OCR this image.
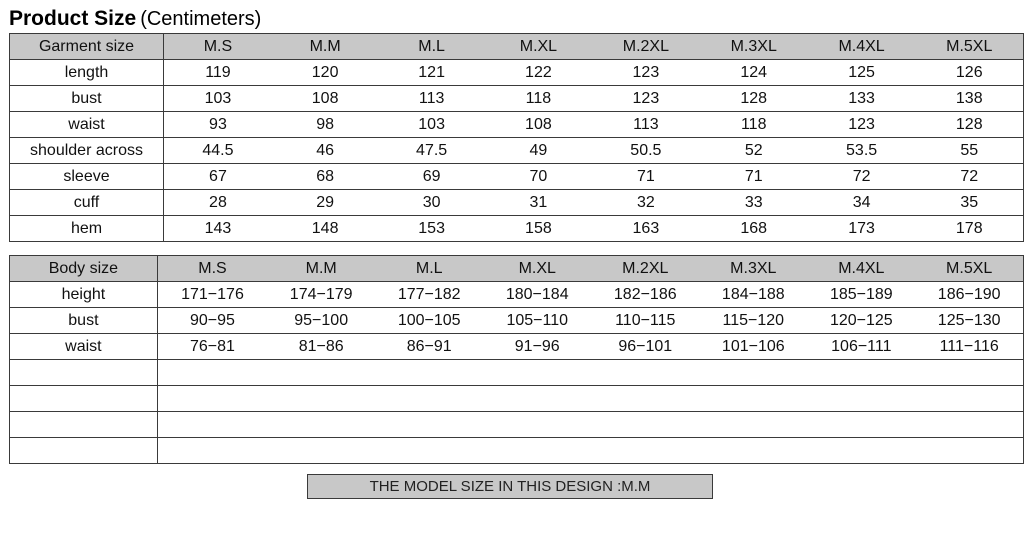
Product Size (Centimeters)
Garment size	M.S	M.M	M.L	M.XL	M.2XL	M.3XL	M.4XL	M.5XL
length	119	120	121	122	123	124	125	126
bust	103	108	113	118	123	128	133	138
waist	93	98	103	108	113	118	123	128
shoulder across	44.5	46	47.5	49	50.5	52	53.5	55
sleeve	67	68	69	70	71	71	72	72
cuff	28	29	30	31	32	33	34	35
hem	143	148	153	158	163	168	173	178
Body size	M.S	M.M	M.L	M.XL	M.2XL	M.3XL	M.4XL	M.5XL
height	171−176	174−179	177−182	180−184	182−186	184−188	185−189	186−190
bust	90−95	95−100	100−105	105−110	110−115	115−120	120−125	125−130
waist	76−81	81−86	86−91	91−96	96−101	101−106	106−111	111−116

THE MODEL SIZE IN THIS DESIGN :M.M
